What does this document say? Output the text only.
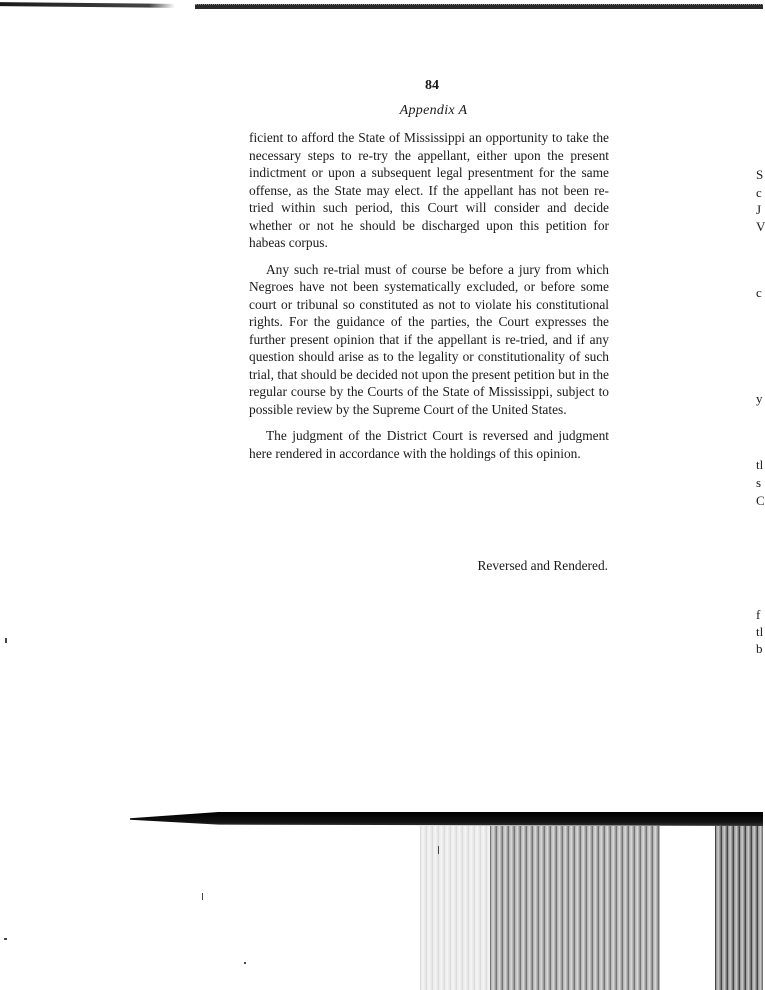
84
Appendix A

ficient to afford the State of Mississippi an opportunity to take the necessary steps to re-try the appellant, either upon the present indictment or upon a subsequent legal presentment for the same offense, as the State may elect. If the appellant has not been re-tried within such period, this Court will consider and decide whether or not he should be discharged upon this petition for habeas corpus.

Any such re-trial must of course be before a jury from which Negroes have not been systematically excluded, or before some court or tribunal so constituted as not to violate his constitutional rights. For the guidance of the parties, the Court expresses the further present opinion that if the appellant is re-tried, and if any question should arise as to the legality or constitutionality of such trial, that should be decided not upon the present petition but in the regular course by the Courts of the State of Mississippi, subject to possible review by the Supreme Court of the United States.

The judgment of the District Court is reversed and judgment here rendered in accordance with the holdings of this opinion.

Reversed and Rendered.
S
c
J
V
c
y
tl
s
C
f
tl
b
